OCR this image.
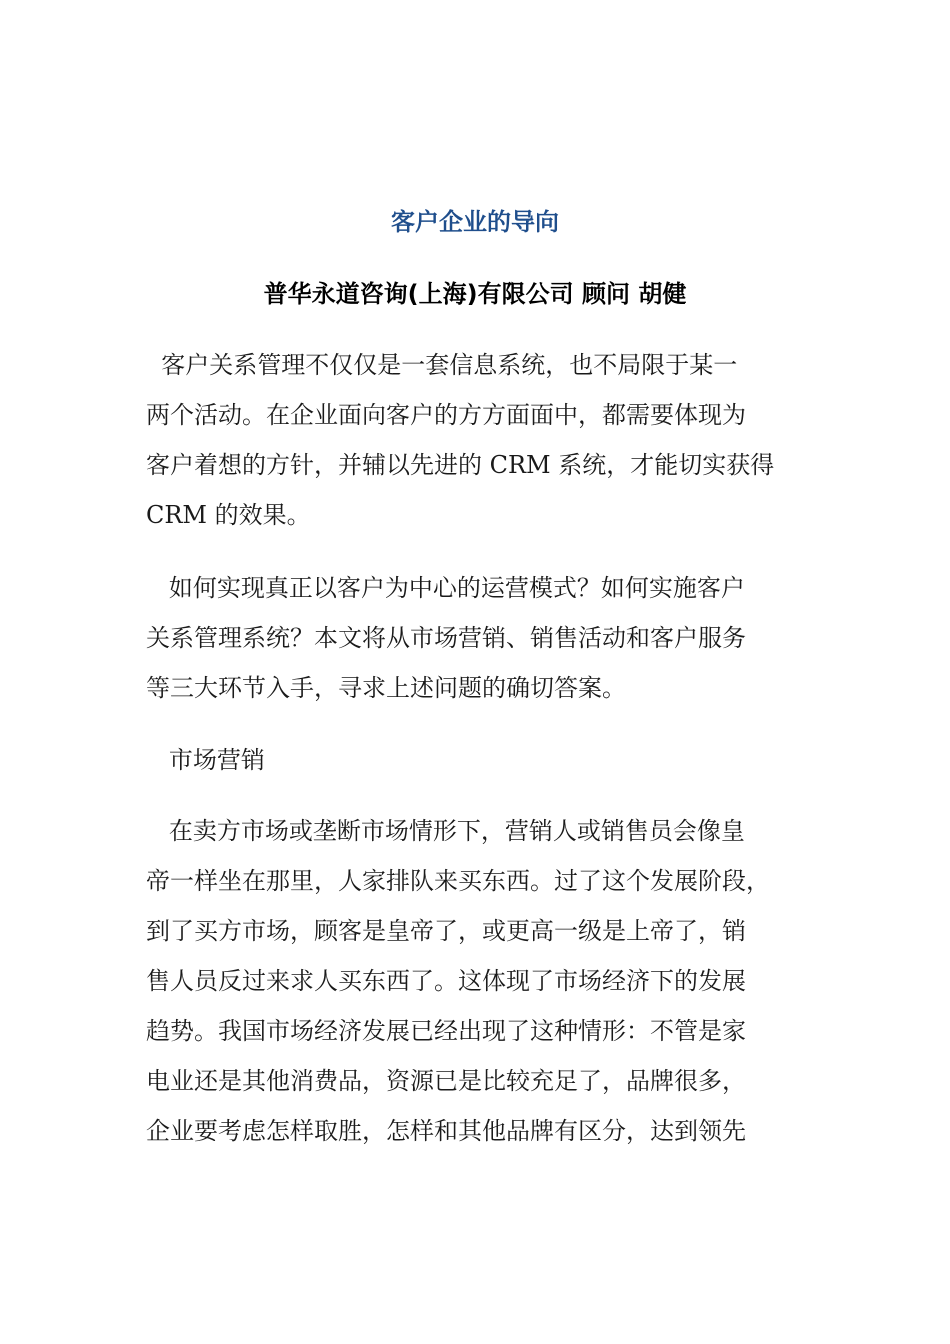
客户企业的导向
普华永道咨询(上海)有限公司 顾问 胡健
客户关系管理不仅仅是一套信息系统，也不局限于某一
两个活动。在企业面向客户的方方面面中，都需要体现为
客户着想的方针，并辅以先进的 CRM 系统，才能切实获得
CRM 的效果。
如何实现真正以客户为中心的运营模式？如何实施客户
关系管理系统？本文将从市场营销、销售活动和客户服务
等三大环节入手，寻求上述问题的确切答案。
市场营销
在卖方市场或垄断市场情形下，营销人或销售员会像皇
帝一样坐在那里，人家排队来买东西。过了这个发展阶段，
到了买方市场，顾客是皇帝了，或更高一级是上帝了，销
售人员反过来求人买东西了。这体现了市场经济下的发展
趋势。我国市场经济发展已经出现了这种情形：不管是家
电业还是其他消费品，资源已是比较充足了，品牌很多，
企业要考虑怎样取胜，怎样和其他品牌有区分，达到领先
